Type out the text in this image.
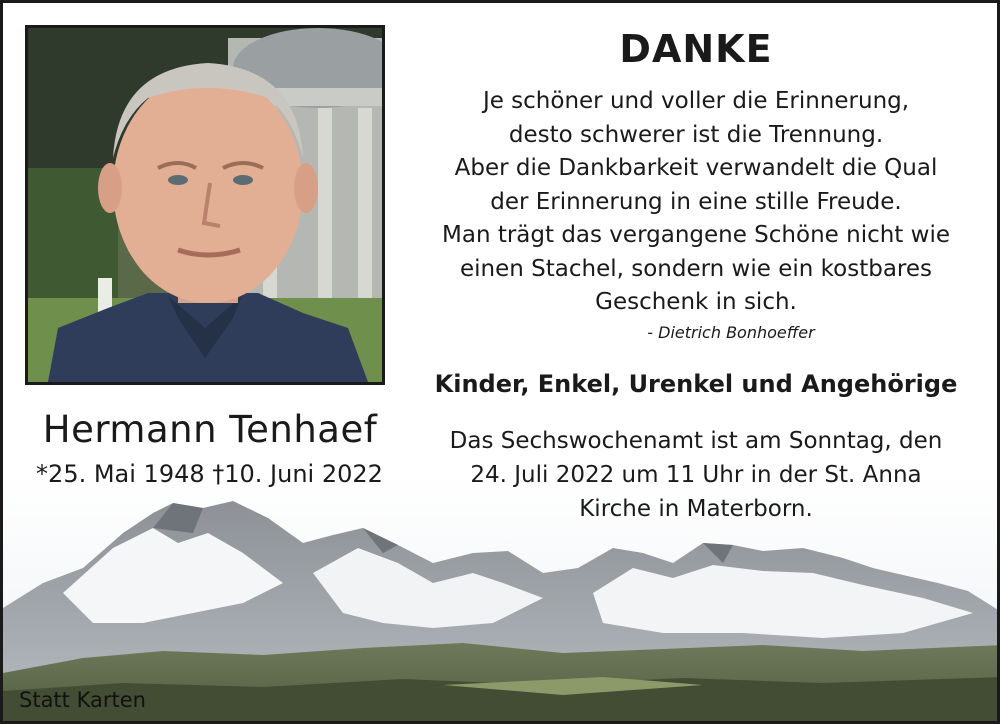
Hermann Tenhaef
*25. Mai 1948 †10. Juni 2022
DANKE
Je schöner und voller die Erinnerung,
desto schwerer ist die Trennung.
Aber die Dankbarkeit verwandelt die Qual
der Erinnerung in eine stille Freude.
Man trägt das vergangene Schöne nicht wie
einen Stachel, sondern wie ein kostbares
Geschenk in sich.
- Dietrich Bonhoeffer
Kinder, Enkel, Urenkel und Angehörige
Das Sechswochenamt ist am Sonntag, den
24. Juli 2022 um 11 Uhr in der St. Anna
Kirche in Materborn.
Statt Karten
